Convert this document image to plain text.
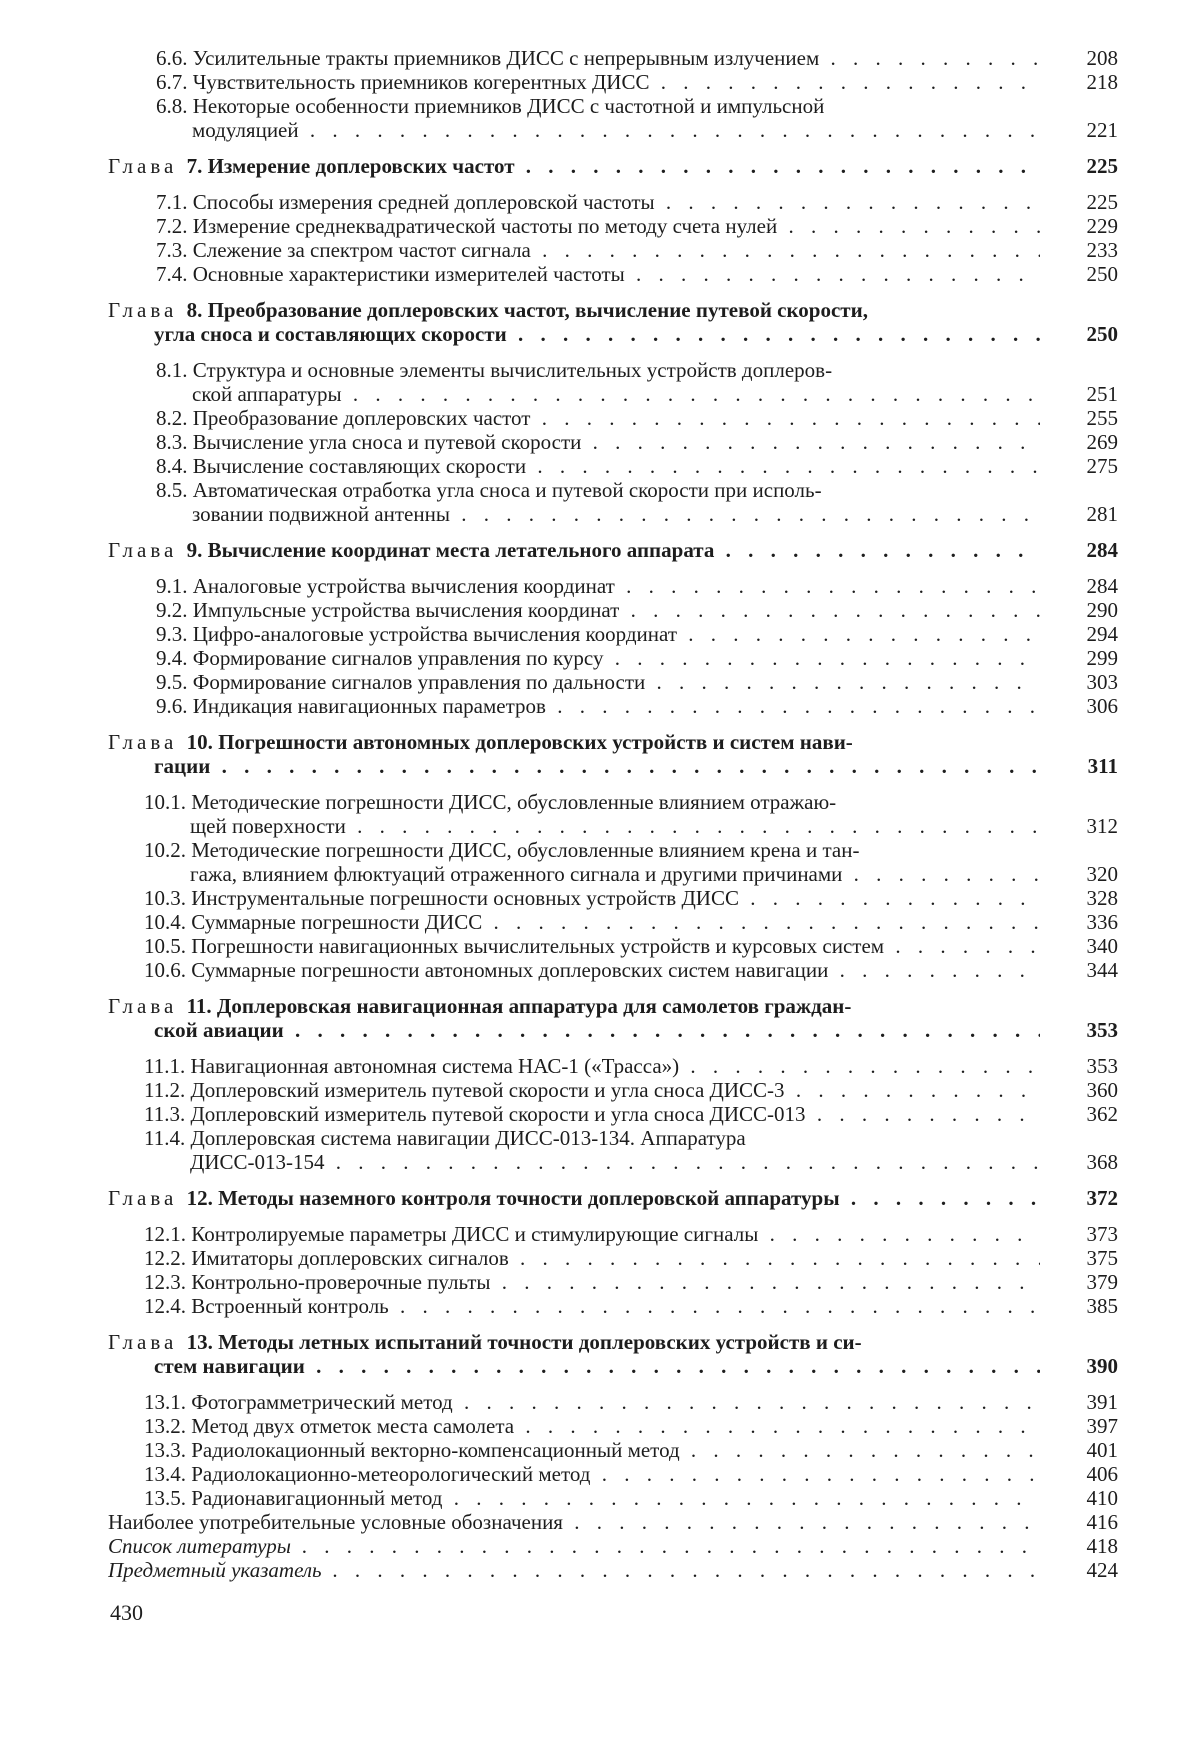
6.6. Усилительные тракты приемников ДИСС с непрерывным излучением . . .	208
6.7. Чувствительность приемников когерентных ДИСС . . .	218
6.8. Некоторые особенности приемников ДИСС с частотной и импульсной
модуляцией . . .	221
Глава 7. Измерение доплеровских частот . . .	225
7.1. Способы измерения средней доплеровской частоты . . .	225
7.2. Измерение среднеквадратической частоты по методу счета нулей . . .	229
7.3. Слежение за спектром частот сигнала . . .	233
7.4. Основные характеристики измерителей частоты . . .	250
Глава 8. Преобразование доплеровских частот, вычисление путевой скорости,
угла сноса и составляющих скорости . . .	250
8.1. Структура и основные элементы вычислительных устройств доплеров-
ской аппаратуры . . .	251
8.2. Преобразование доплеровских частот . . .	255
8.3. Вычисление угла сноса и путевой скорости . . .	269
8.4. Вычисление составляющих скорости . . .	275
8.5. Автоматическая отработка угла сноса и путевой скорости при исполь-
зовании подвижной антенны . . .	281
Глава 9. Вычисление координат места летательного аппарата . . .	284
9.1. Аналоговые устройства вычисления координат . . .	284
9.2. Импульсные устройства вычисления координат . . .	290
9.3. Цифро-аналоговые устройства вычисления координат . . .	294
9.4. Формирование сигналов управления по курсу . . .	299
9.5. Формирование сигналов управления по дальности . . .	303
9.6. Индикация навигационных параметров . . .	306
Глава 10. Погрешности автономных доплеровских устройств и систем нави-
гации . . .	311
10.1. Методические погрешности ДИСС, обусловленные влиянием отражаю-
щей поверхности . . .	312
10.2. Методические погрешности ДИСС, обусловленные влиянием крена и тан-
гажа, влиянием флюктуаций отраженного сигнала и другими причинами . . .	320
10.3. Инструментальные погрешности основных устройств ДИСС . . .	328
10.4. Суммарные погрешности ДИСС . . .	336
10.5. Погрешности навигационных вычислительных устройств и курсовых систем . . .	340
10.6. Суммарные погрешности автономных доплеровских систем навигации . . .	344
Глава 11. Доплеровская навигационная аппаратура для самолетов граждан-
ской авиации . . .	353
11.1. Навигационная автономная система НАС-1 («Трасса») . . .	353
11.2. Доплеровский измеритель путевой скорости и угла сноса ДИСС-3 . . .	360
11.3. Доплеровский измеритель путевой скорости и угла сноса ДИСС-013 . . .	362
11.4. Доплеровская система навигации ДИСС-013-134. Аппаратура
ДИСС-013-154 . . .	368
Глава 12. Методы наземного контроля точности доплеровской аппаратуры . . .	372
12.1. Контролируемые параметры ДИСС и стимулирующие сигналы . . .	373
12.2. Имитаторы доплеровских сигналов . . .	375
12.3. Контрольно-проверочные пульты . . .	379
12.4. Встроенный контроль . . .	385
Глава 13. Методы летных испытаний точности доплеровских устройств и си-
стем навигации . . .	390
13.1. Фотограмметрический метод . . .	391
13.2. Метод двух отметок места самолета . . .	397
13.3. Радиолокационный векторно-компенсационный метод . . .	401
13.4. Радиолокационно-метеорологический метод . . .	406
13.5. Радионавигационный метод . . .	410
Наиболее употребительные условные обозначения . . .	416
Список литературы . . .	418
Предметный указатель . . .	424
430
